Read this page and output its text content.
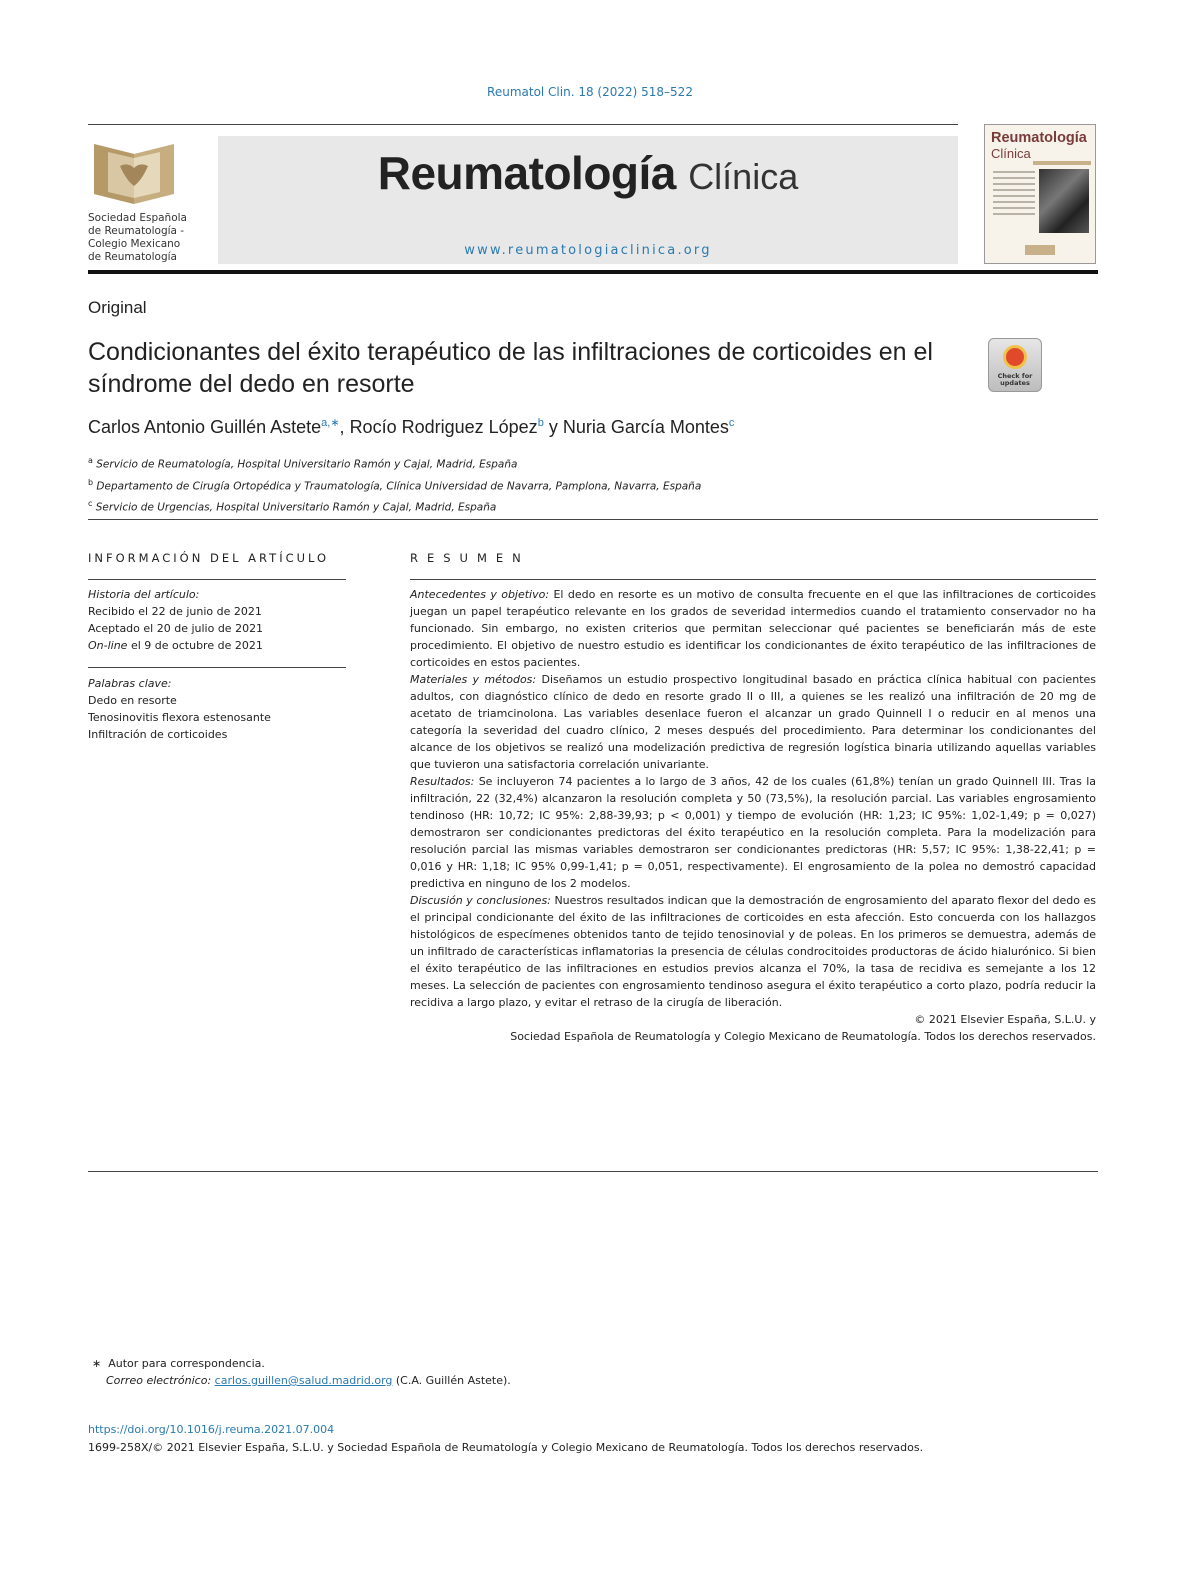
Reumatol Clin. 18 (2022) 518–522
Sociedad Española
de Reumatología -
Colegio Mexicano
de Reumatología
Reumatología Clínica
www.reumatologiaclinica.org
Reumatología
Clínica
Original
Condicionantes del éxito terapéutico de las infiltraciones de corticoides en el síndrome del dedo en resorte	Check for updates
Carlos Antonio Guillén Astete$^{a,∗}$, Rocío Rodriguez López$^b$ y Nuria García Montes$^c$
$^a$ Servicio de Reumatología, Hospital Universitario Ramón y Cajal, Madrid, España
$^b$ Departamento de Cirugía Ortopédica y Traumatología, Clínica Universidad de Navarra, Pamplona, Navarra, España
$^c$ Servicio de Urgencias, Hospital Universitario Ramón y Cajal, Madrid, España
INFORMACIÓN DEL ARTÍCULO
Historia del artículo:
Recibido el 22 de junio de 2021
Aceptado el 20 de julio de 2021
On-line el 9 de octubre de 2021
Palabras clave:
Dedo en resorte
Tenosinovitis flexora estenosante
Infiltración de corticoides
RESUMEN

Antecedentes y objetivo: El dedo en resorte es un motivo de consulta frecuente en el que las infiltraciones de corticoides juegan un papel terapéutico relevante en los grados de severidad intermedios cuando el tratamiento conservador no ha funcionado. Sin embargo, no existen criterios que permitan seleccionar qué pacientes se beneficiarán más de este procedimiento. El objetivo de nuestro estudio es identificar los condicionantes de éxito terapéutico de las infiltraciones de corticoides en estos pacientes.

Materiales y métodos: Diseñamos un estudio prospectivo longitudinal basado en práctica clínica habitual con pacientes adultos, con diagnóstico clínico de dedo en resorte grado II o III, a quienes se les realizó una infiltración de 20 mg de acetato de triamcinolona. Las variables desenlace fueron el alcanzar un grado Quinnell I o reducir en al menos una categoría la severidad del cuadro clínico, 2 meses después del procedimiento. Para determinar los condicionantes del alcance de los objetivos se realizó una modelización predictiva de regresión logística binaria utilizando aquellas variables que tuvieron una satisfactoria correlación univariante.

Resultados: Se incluyeron 74 pacientes a lo largo de 3 años, 42 de los cuales (61,8%) tenían un grado Quinnell III. Tras la infiltración, 22 (32,4%) alcanzaron la resolución completa y 50 (73,5%), la resolución parcial. Las variables engrosamiento tendinoso (HR: 10,72; IC 95%: 2,88-39,93; p < 0,001) y tiempo de evolución (HR: 1,23; IC 95%: 1,02-1,49; p = 0,027) demostraron ser condicionantes predictoras del éxito terapéutico en la resolución completa. Para la modelización para resolución parcial las mismas variables demostraron ser condicionantes predictoras (HR: 5,57; IC 95%: 1,38-22,41; p = 0,016 y HR: 1,18; IC 95% 0,99-1,41; p = 0,051, respectivamente). El engrosamiento de la polea no demostró capacidad predictiva en ninguno de los 2 modelos.

Discusión y conclusiones: Nuestros resultados indican que la demostración de engrosamiento del aparato flexor del dedo es el principal condicionante del éxito de las infiltraciones de corticoides en esta afección. Esto concuerda con los hallazgos histológicos de especímenes obtenidos tanto de tejido tenosinovial y de poleas. En los primeros se demuestra, además de un infiltrado de características inflamatorias la presencia de células condrocitoides productoras de ácido hialurónico. Si bien el éxito terapéutico de las infiltraciones en estudios previos alcanza el 70%, la tasa de recidiva es semejante a los 12 meses. La selección de pacientes con engrosamiento tendinoso asegura el éxito terapéutico a corto plazo, podría reducir la recidiva a largo plazo, y evitar el retraso de la cirugía de liberación.

© 2021 Elsevier España, S.L.U. y

Sociedad Española de Reumatología y Colegio Mexicano de Reumatología. Todos los derechos reservados.

∗ Autor para correspondencia.
Correo electrónico: carlos.guillen@salud.madrid.org (C.A. Guillén Astete).
https://doi.org/10.1016/j.reuma.2021.07.004
1699-258X/© 2021 Elsevier España, S.L.U. y Sociedad Española de Reumatología y Colegio Mexicano de Reumatología. Todos los derechos reservados.
